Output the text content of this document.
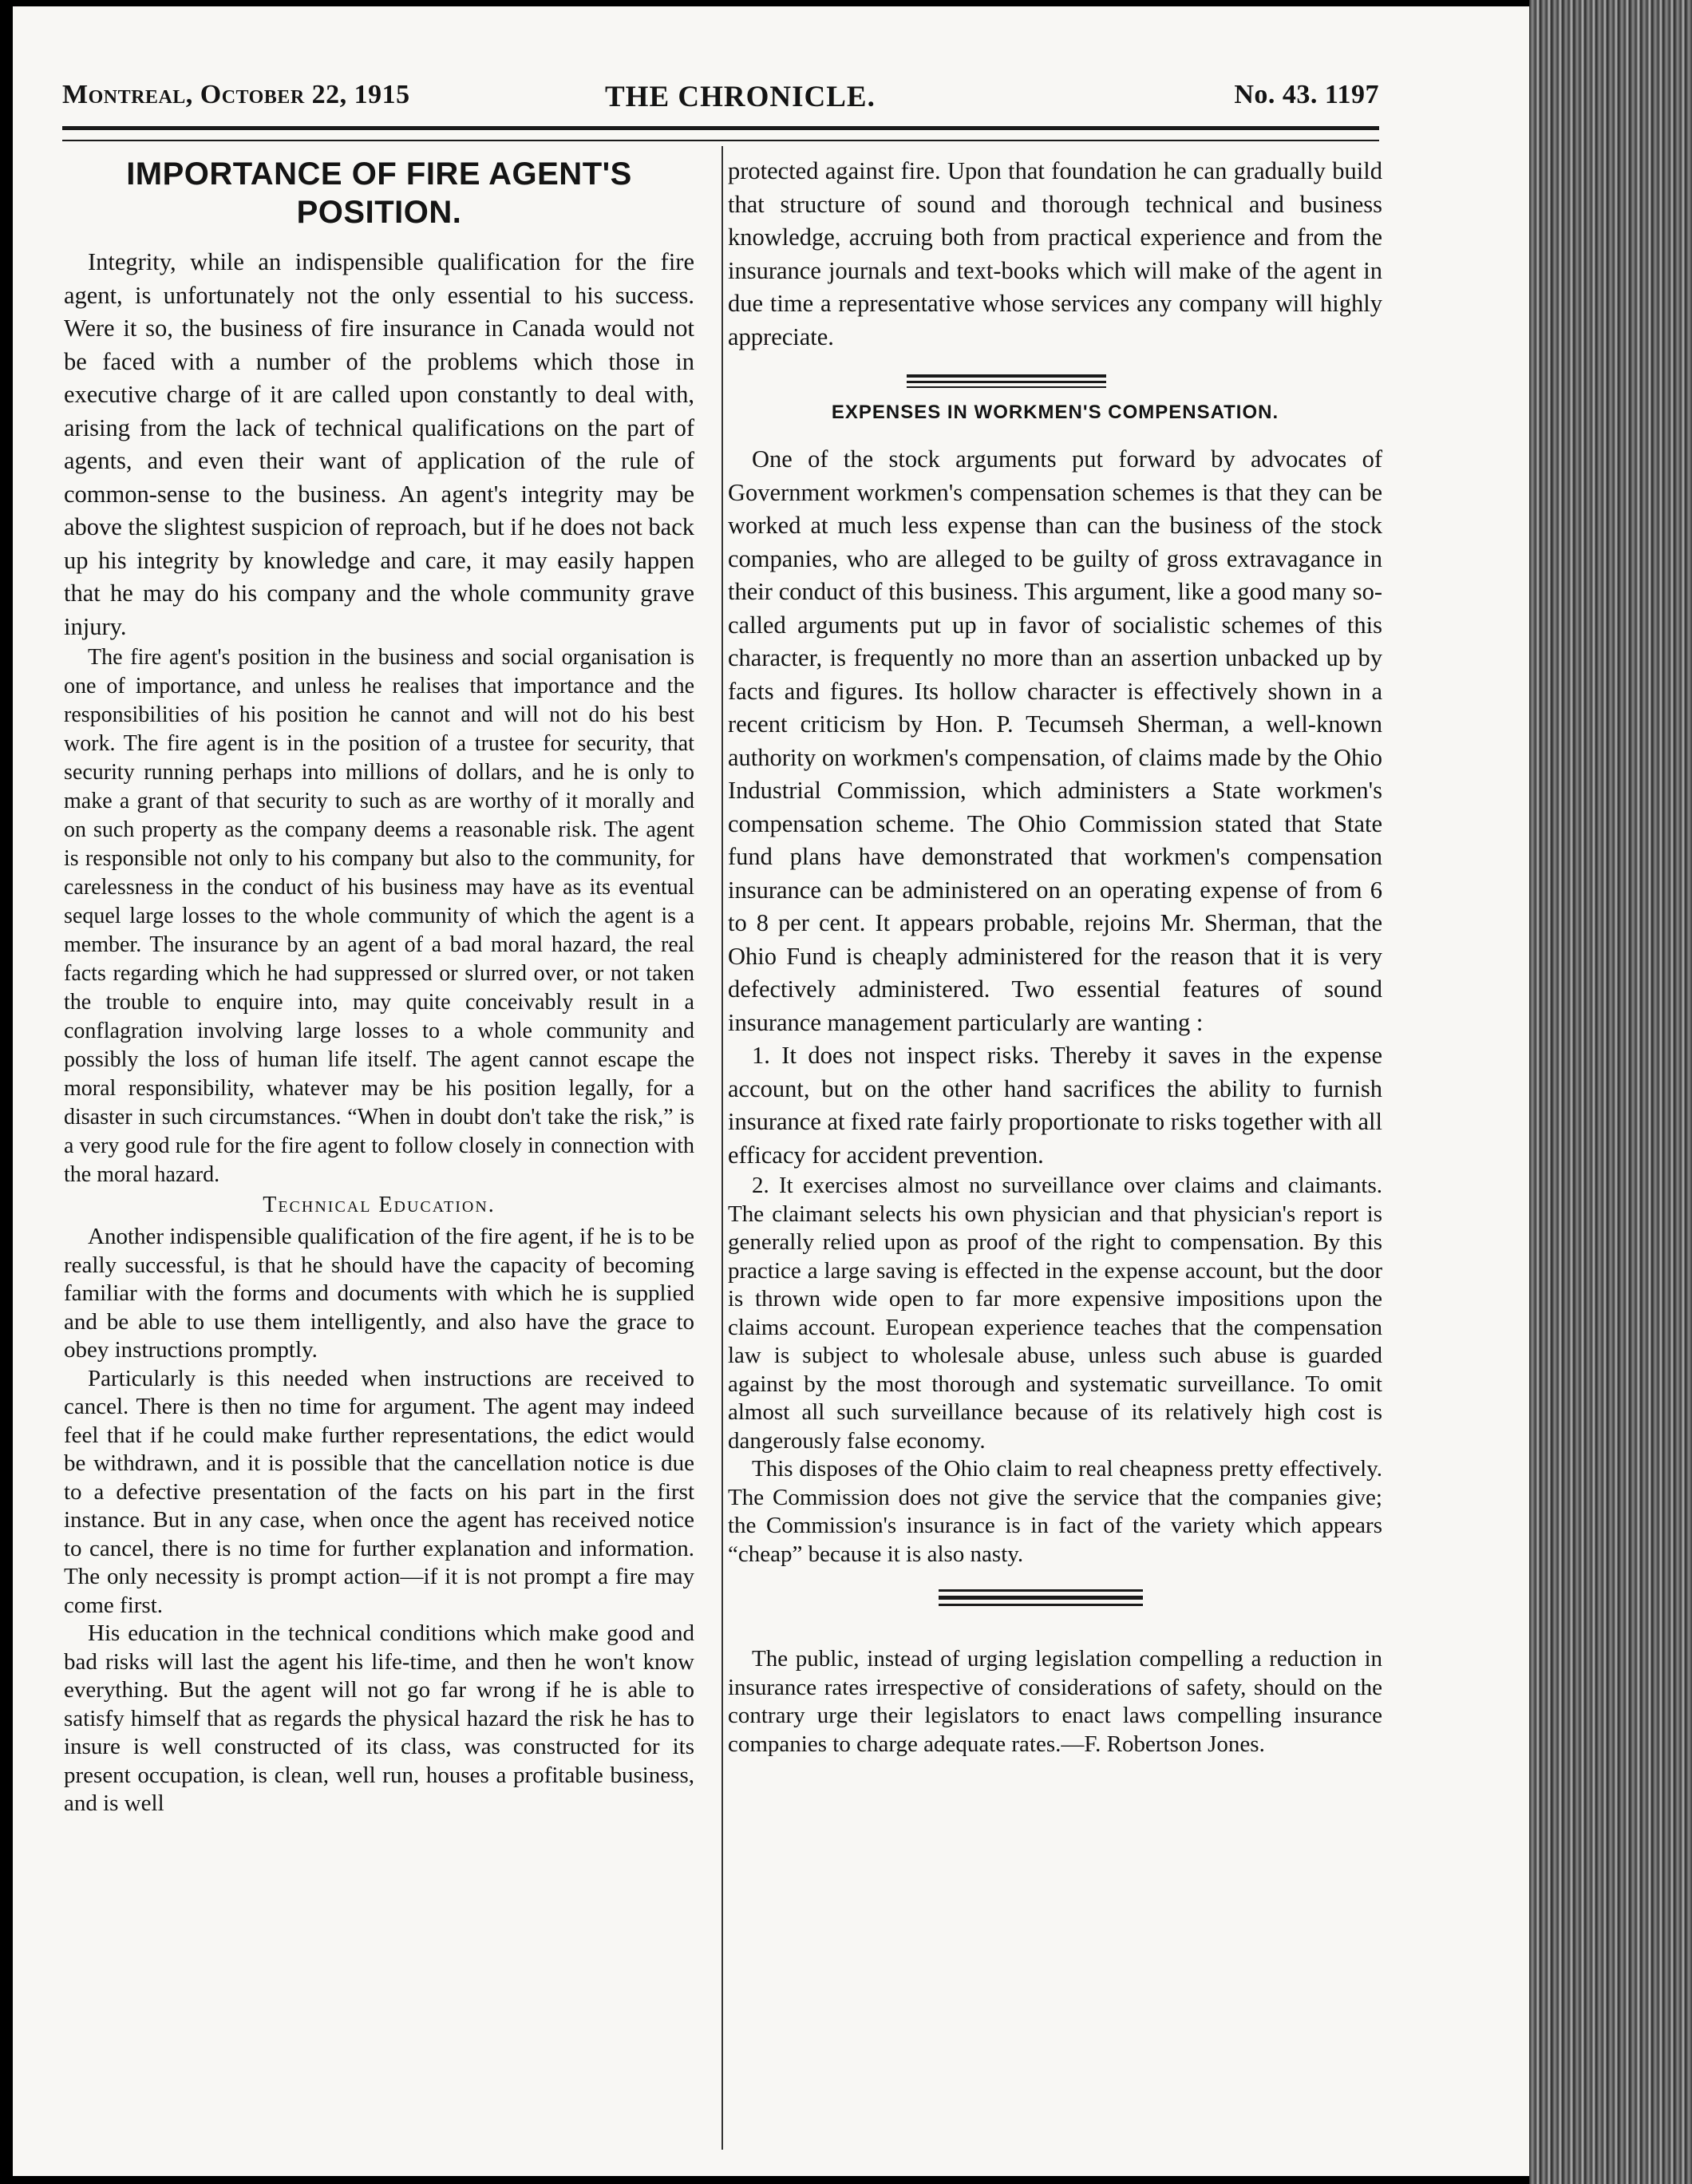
Montreal, October 22, 1915	THE CHRONICLE.	No. 43. 1197
IMPORTANCE OF FIRE AGENT'S POSITION.

Integrity, while an indispensible qualification for the fire agent, is unfortunately not the only essential to his success. Were it so, the business of fire insurance in Canada would not be faced with a number of the problems which those in executive charge of it are called upon constantly to deal with, arising from the lack of technical qualifications on the part of agents, and even their want of application of the rule of common-sense to the business. An agent's integrity may be above the slightest suspicion of reproach, but if he does not back up his integrity by knowledge and care, it may easily happen that he may do his company and the whole community grave injury.

The fire agent's position in the business and social organisation is one of importance, and unless he realises that importance and the responsibilities of his position he cannot and will not do his best work. The fire agent is in the position of a trustee for security, that security running perhaps into millions of dollars, and he is only to make a grant of that security to such as are worthy of it morally and on such property as the company deems a reasonable risk. The agent is responsible not only to his company but also to the community, for carelessness in the conduct of his business may have as its eventual sequel large losses to the whole community of which the agent is a member. The insurance by an agent of a bad moral hazard, the real facts regarding which he had suppressed or slurred over, or not taken the trouble to enquire into, may quite conceivably result in a conflagration involving large losses to a whole community and possibly the loss of human life itself. The agent cannot escape the moral responsibility, whatever may be his position legally, for a disaster in such circumstances. “When in doubt don't take the risk,” is a very good rule for the fire agent to follow closely in connection with the moral hazard.

Technical Education.

Another indispensible qualification of the fire agent, if he is to be really successful, is that he should have the capacity of becoming familiar with the forms and documents with which he is supplied and be able to use them intelligently, and also have the grace to obey instructions promptly.

Particularly is this needed when instructions are received to cancel. There is then no time for argument. The agent may indeed feel that if he could make further representations, the edict would be withdrawn, and it is possible that the cancellation notice is due to a defective presentation of the facts on his part in the first instance. But in any case, when once the agent has received notice to cancel, there is no time for further explanation and information. The only necessity is prompt action—if it is not prompt a fire may come first.

His education in the technical conditions which make good and bad risks will last the agent his life-time, and then he won't know everything. But the agent will not go far wrong if he is able to satisfy himself that as regards the physical hazard the risk he has to insure is well constructed of its class, was constructed for its present occupation, is clean, well run, houses a profitable business, and is well

protected against fire. Upon that foundation he can gradually build that structure of sound and thorough technical and business knowledge, accruing both from practical experience and from the insurance journals and text-books which will make of the agent in due time a representative whose services any company will highly appreciate.

EXPENSES IN WORKMEN'S COMPENSATION.

One of the stock arguments put forward by advocates of Government workmen's compensation schemes is that they can be worked at much less expense than can the business of the stock companies, who are alleged to be guilty of gross extravagance in their conduct of this business. This argument, like a good many so-called arguments put up in favor of socialistic schemes of this character, is frequently no more than an assertion unbacked up by facts and figures. Its hollow character is effectively shown in a recent criticism by Hon. P. Tecumseh Sherman, a well-known authority on workmen's compensation, of claims made by the Ohio Industrial Commission, which administers a State workmen's compensation scheme. The Ohio Commission stated that State fund plans have demonstrated that workmen's compensation insurance can be administered on an operating expense of from 6 to 8 per cent. It appears probable, rejoins Mr. Sherman, that the Ohio Fund is cheaply administered for the reason that it is very defectively administered. Two essential features of sound insurance management particularly are wanting :

1. It does not inspect risks. Thereby it saves in the expense account, but on the other hand sacrifices the ability to furnish insurance at fixed rate fairly proportionate to risks together with all efficacy for accident prevention.

2. It exercises almost no surveillance over claims and claimants. The claimant selects his own physician and that physician's report is generally relied upon as proof of the right to compensation. By this practice a large saving is effected in the expense account, but the door is thrown wide open to far more expensive impositions upon the claims account. European experience teaches that the compensation law is subject to wholesale abuse, unless such abuse is guarded against by the most thorough and systematic surveillance. To omit almost all such surveillance because of its relatively high cost is dangerously false economy.

This disposes of the Ohio claim to real cheapness pretty effectively. The Commission does not give the service that the companies give; the Commission's insurance is in fact of the variety which appears “cheap” because it is also nasty.

The public, instead of urging legislation compelling a reduction in insurance rates irrespective of considerations of safety, should on the contrary urge their legislators to enact laws compelling insurance companies to charge adequate rates.—F. Robertson Jones.
